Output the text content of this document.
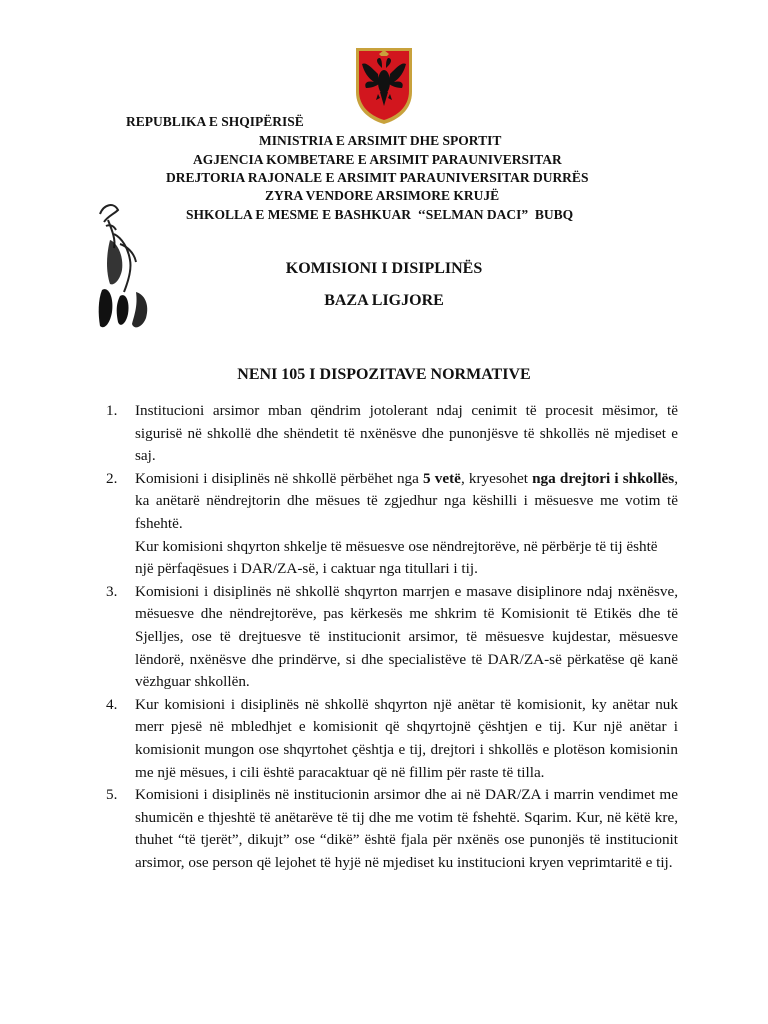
REPUBLIKA E SHQIPËRISË

MINISTRIA E ARSIMIT DHE SPORTIT

AGJENCIA KOMBETARE E ARSIMIT PARAUNIVERSITAR

DREJTORIA RAJONALE E ARSIMIT PARAUNIVERSITAR DURRËS

ZYRA VENDORE ARSIMORE KRUJË

SHKOLLA E MESME E BASHKUAR  ‘‘SELMAN DACI”  BUBQ

KOMISIONI I DISIPLINËS
BAZA LIGJORE
NENI 105 I DISPOZITAVE NORMATIVE
1. Institucioni arsimor mban qëndrim jotolerant ndaj cenimit të procesit mësimor, të sigurisë në shkollë dhe shëndetit të nxënësve dhe punonjësve të shkollës në mjediset e saj.

2. Komisioni i disiplinës në shkollë përbëhet nga 5 vetë, kryesohet nga drejtori i shkollës, ka anëtarë nëndrejtorin dhe mësues të zgjedhur nga këshilli i mësuesve me votim të fshehtë.

Kur komisioni shqyrton shkelje të mësuesve ose nëndrejtorëve, në përbërje të tij është një përfaqësues i DAR/ZA-së, i caktuar nga titullari i tij.

3. Komisioni i disiplinës në shkollë shqyrton marrjen e masave disiplinore ndaj nxënësve, mësuesve dhe nëndrejtorëve, pas kërkesës me shkrim të Komisionit të Etikës dhe të Sjelljes, ose të drejtuesve të institucionit arsimor, të mësuesve kujdestar, mësuesve lëndorë, nxënësve dhe prindërve, si dhe specialistëve të DAR/ZA-së përkatëse që kanë vëzhguar shkollën.

4. Kur komisioni i disiplinës në shkollë shqyrton një anëtar të komisionit, ky anëtar nuk merr pjesë në mbledhjet e komisionit që shqyrtojnë çështjen e tij. Kur një anëtar i komisionit mungon ose shqyrtohet çështja e tij, drejtori i shkollës e plotëson komisionin me një mësues, i cili është paracaktuar që në fillim për raste të tilla.

5. Komisioni i disiplinës në institucionin arsimor dhe ai në DAR/ZA i marrin vendimet me shumicën e thjeshtë të anëtarëve të tij dhe me votim të fshehtë. Sqarim. Kur, në këtë kre, thuhet “të tjerët”, dikujt” ose “dikë” është fjala për nxënës ose punonjës të institucionit arsimor, ose person që lejohet të hyjë në mjediset ku institucioni kryen veprimtaritë e tij.
